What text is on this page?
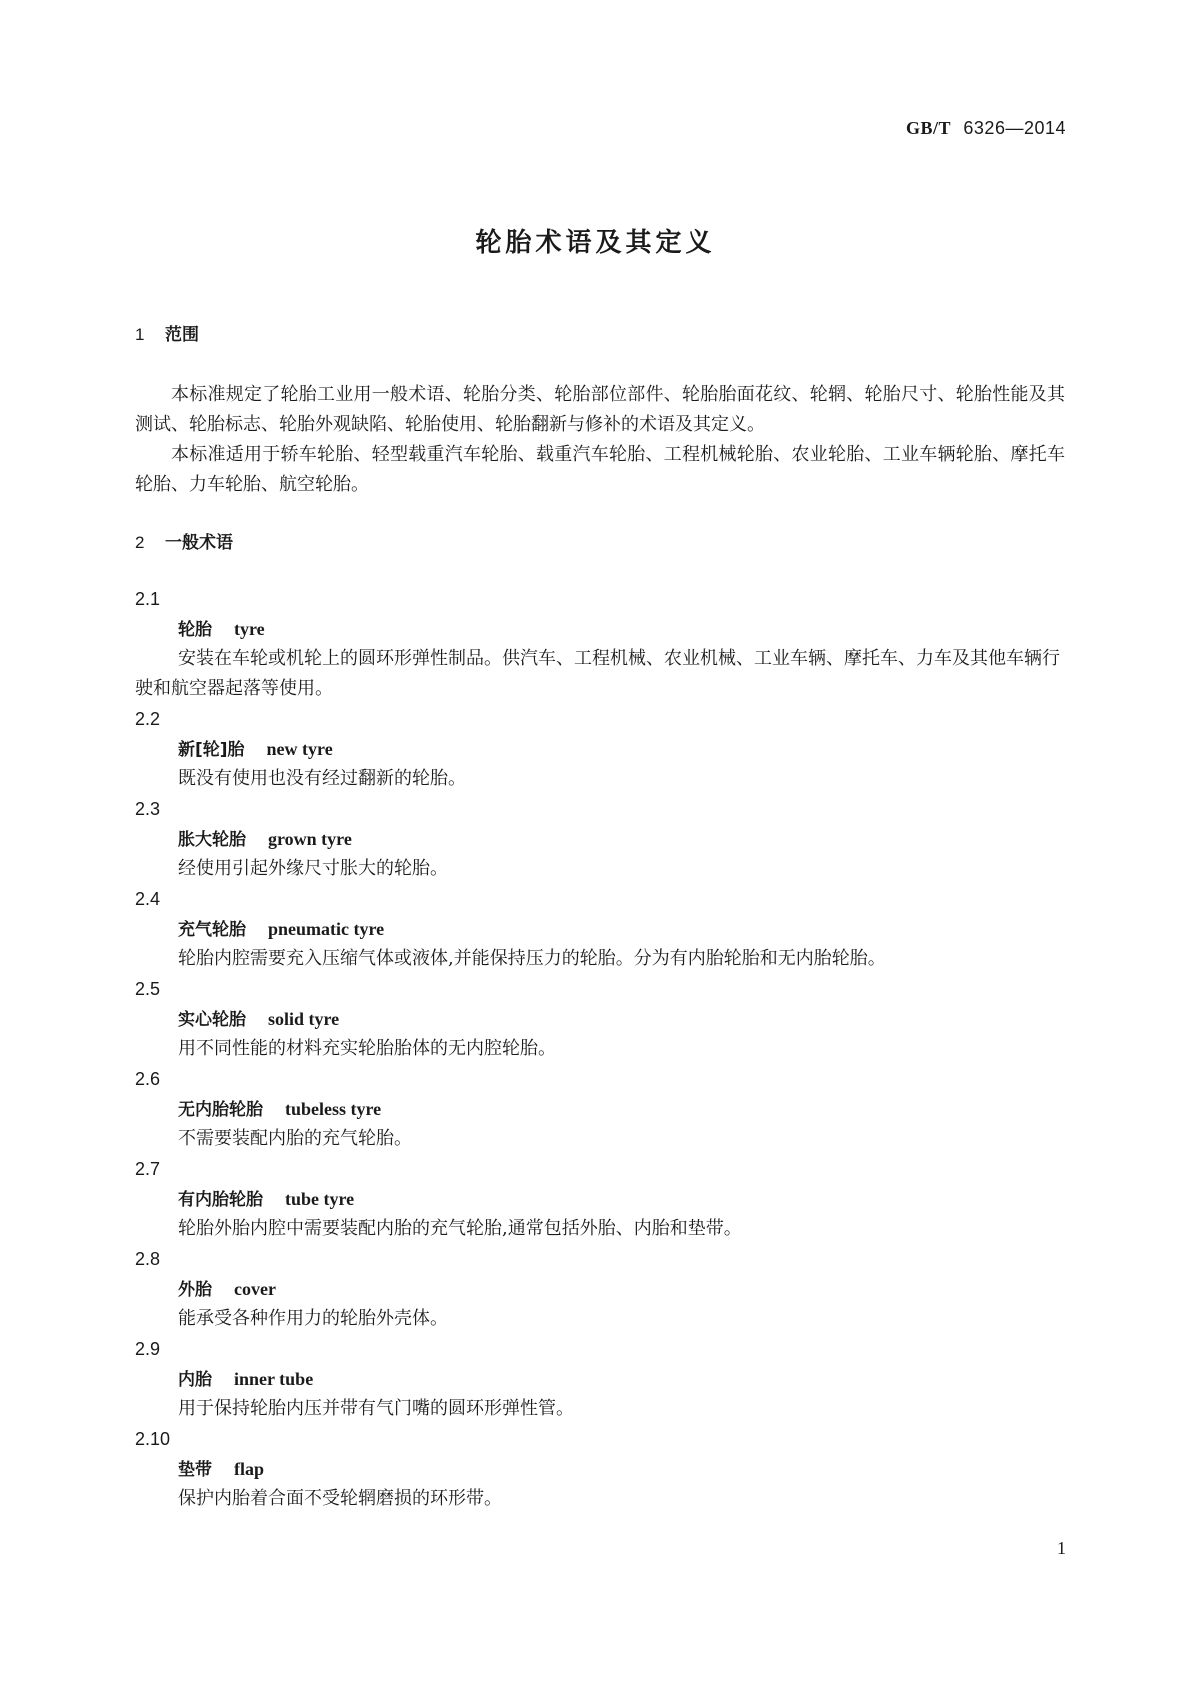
GB/T 6326—2014
轮胎术语及其定义
1 范围

本标准规定了轮胎工业用一般术语、轮胎分类、轮胎部位部件、轮胎胎面花纹、轮辋、轮胎尺寸、轮胎性能及其测试、轮胎标志、轮胎外观缺陷、轮胎使用、轮胎翻新与修补的术语及其定义。

本标准适用于轿车轮胎、轻型载重汽车轮胎、载重汽车轮胎、工程机械轮胎、农业轮胎、工业车辆轮胎、摩托车轮胎、力车轮胎、航空轮胎。

2 一般术语

2.1

轮胎 tyre

安装在车轮或机轮上的圆环形弹性制品。供汽车、工程机械、农业机械、工业车辆、摩托车、力车及其他车辆行驶和航空器起落等使用。

2.2

新[轮]胎 new tyre

既没有使用也没有经过翻新的轮胎。

2.3

胀大轮胎 grown tyre

经使用引起外缘尺寸胀大的轮胎。

2.4

充气轮胎 pneumatic tyre

轮胎内腔需要充入压缩气体或液体,并能保持压力的轮胎。分为有内胎轮胎和无内胎轮胎。

2.5

实心轮胎 solid tyre

用不同性能的材料充实轮胎胎体的无内腔轮胎。

2.6

无内胎轮胎 tubeless tyre

不需要装配内胎的充气轮胎。

2.7

有内胎轮胎 tube tyre

轮胎外胎内腔中需要装配内胎的充气轮胎,通常包括外胎、内胎和垫带。

2.8

外胎 cover

能承受各种作用力的轮胎外壳体。

2.9

内胎 inner tube

用于保持轮胎内压并带有气门嘴的圆环形弹性管。

2.10

垫带 flap

保护内胎着合面不受轮辋磨损的环形带。

1
